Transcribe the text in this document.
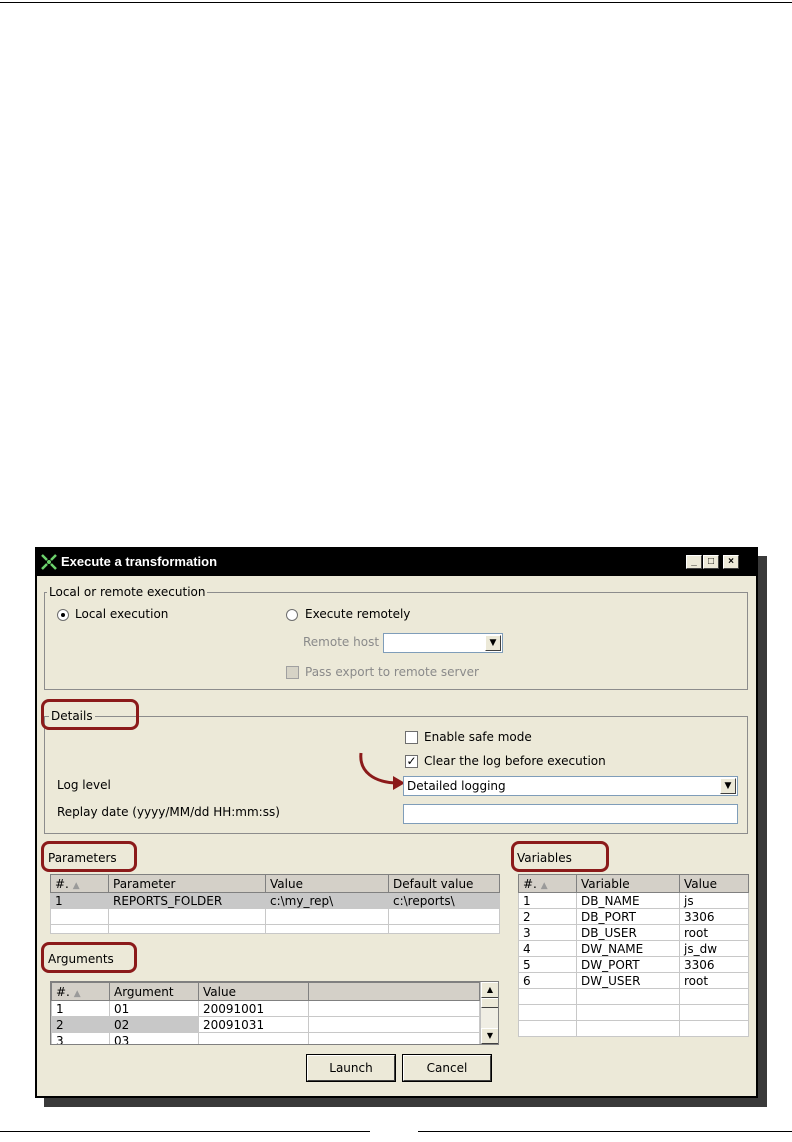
Execute a transformation	_	□	×
Local or remote execution
Local execution	Execute remotely
Remote host	▼
Pass export to remote server
Details
Enable safe mode
✓ Clear the log before execution
Log level	Detailed logging	▼
Replay date (yyyy/MM/dd HH:mm:ss)
Parameters
#. ▲	Parameter	Value	Default value
1	REPORTS_FOLDER	c:\my_rep\	c:\reports\

Arguments
#. ▲	Argument	Value	
1	01	20091001	
2	02	20091031	
3	03		
▲
▼
Variables
#. ▲	Variable	Value
1	DB_NAME	js
2	DB_PORT	3306
3	DB_USER	root
4	DW_NAME	js_dw
5	DW_PORT	3306
6	DW_USER	root

Launch	Cancel
